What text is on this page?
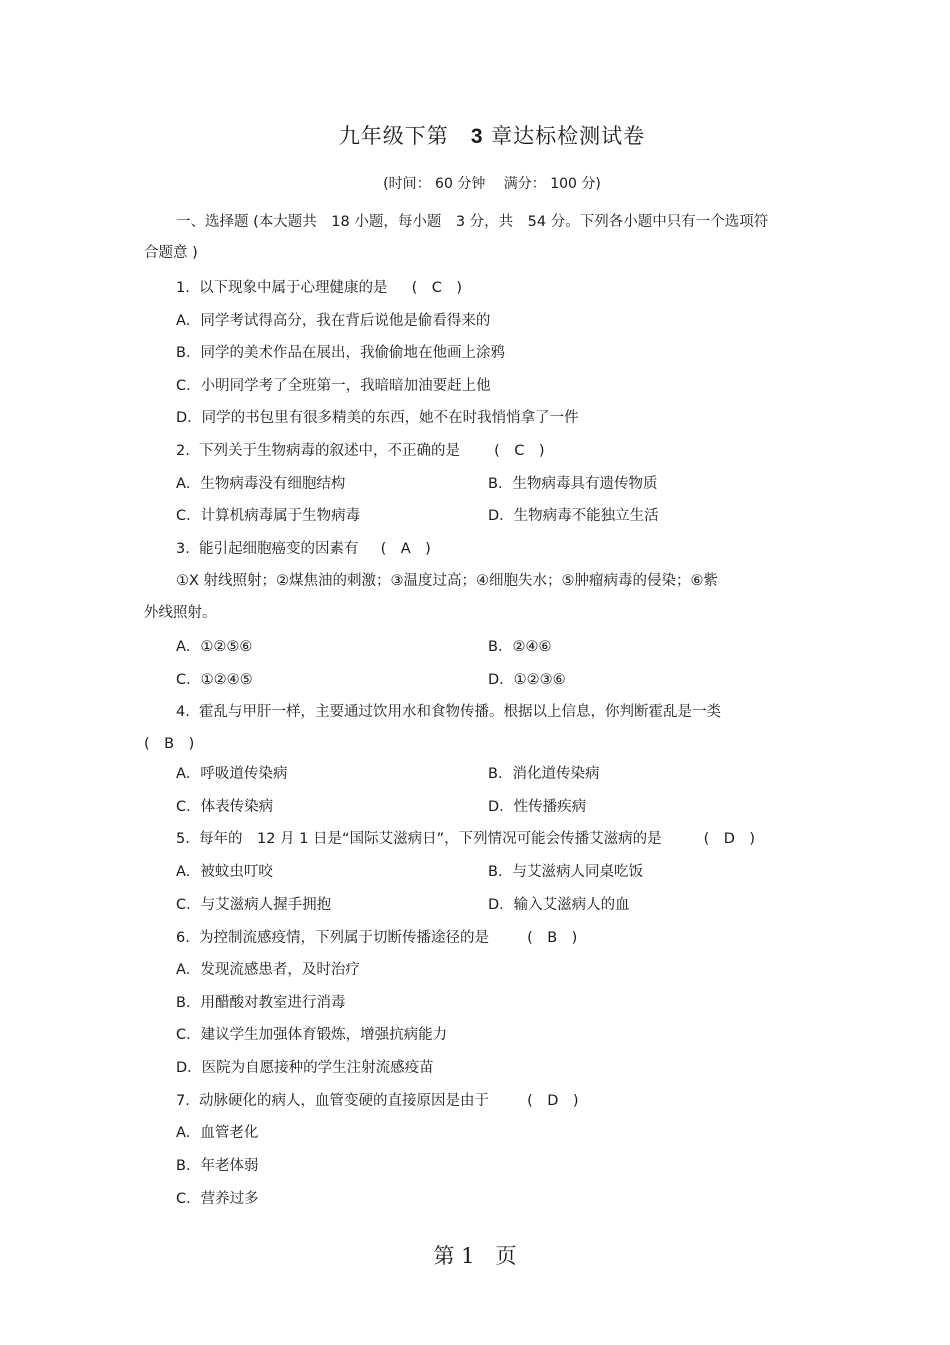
九年级下第　3 章达标检测试卷
(时间： 60 分钟　 满分： 100 分)
一、选择题 (本大题共　18 小题，每小题　3 分，共　54 分。下列各小题中只有一个选项符
合题意 )
1.  以下现象中属于心理健康的是 (　C　)
A．同学考试得高分，我在背后说他是偷看得来的
B．同学的美术作品在展出，我偷偷地在他画上涂鸦
C．小明同学考了全班第一，我暗暗加油要赶上他
D．同学的书包里有很多精美的东西，她不在时我悄悄拿了一件
2.  下列关于生物病毒的叙述中，不正确的是 (　C　)
A．生物病毒没有细胞结构	B．生物病毒具有遗传物质
C．计算机病毒属于生物病毒	D．生物病毒不能独立生活
3.  能引起细胞癌变的因素有 (　A　)
①X 射线照射；②煤焦油的刺激；③温度过高；④细胞失水；⑤肿瘤病毒的侵染；⑥紫
外线照射。
A．①②⑤⑥	B．②④⑥
C．①②④⑤	D．①②③⑥
4.  霍乱与甲肝一样，主要通过饮用水和食物传播。根据以上信息，你判断霍乱是一类
(　B　)
A．呼吸道传染病	B．消化道传染病
C．体表传染病	D．性传播疾病
5.  每年的　12 月 1 日是“国际艾滋病日”，下列情况可能会传播艾滋病的是	(　D　)
A．被蚊虫叮咬	B．与艾滋病人同桌吃饭
C．与艾滋病人握手拥抱	D．输入艾滋病人的血
6.  为控制流感疫情，下列属于切断传播途径的是	(　B　)
A．发现流感患者，及时治疗
B．用醋酸对教室进行消毒
C．建议学生加强体育锻炼，增强抗病能力
D．医院为自愿接种的学生注射流感疫苗
7.  动脉硬化的病人，血管变硬的直接原因是由于	(　D　)
A．血管老化
B．年老体弱
C．营养过多
第 1　页
